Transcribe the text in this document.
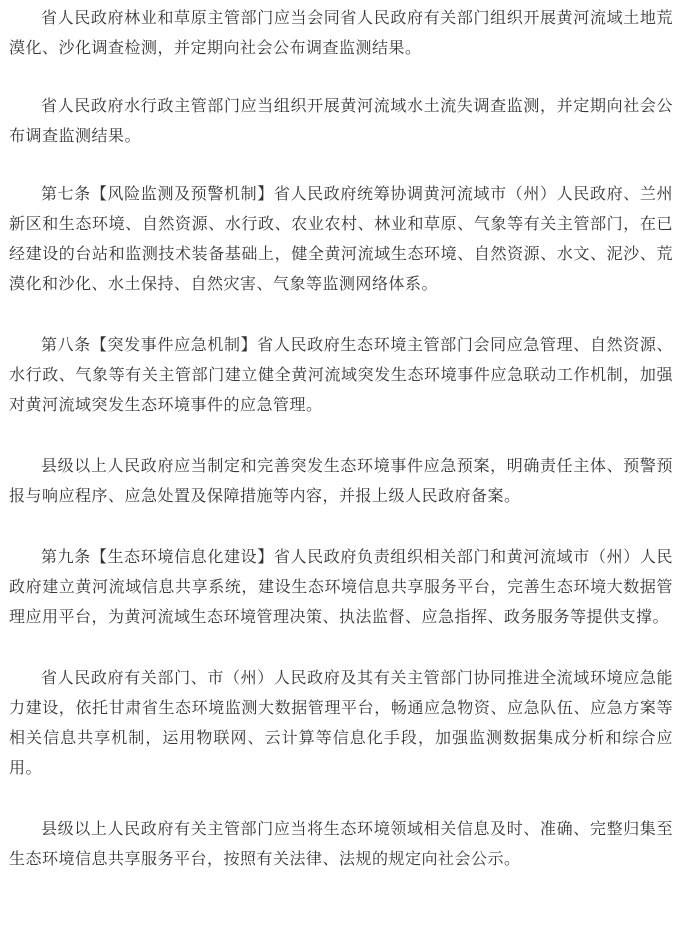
省人民政府林业和草原主管部门应当会同省人民政府有关部门组织开展黄河流域土地荒漠化、沙化调查检测，并定期向社会公布调查监测结果。

省人民政府水行政主管部门应当组织开展黄河流域水土流失调查监测，并定期向社会公布调查监测结果。

第七条【风险监测及预警机制】省人民政府统筹协调黄河流域市（州）人民政府、兰州新区和生态环境、自然资源、水行政、农业农村、林业和草原、气象等有关主管部门，在已经建设的台站和监测技术装备基础上，健全黄河流域生态环境、自然资源、水文、泥沙、荒漠化和沙化、水土保持、自然灾害、气象等监测网络体系。

第八条【突发事件应急机制】省人民政府生态环境主管部门会同应急管理、自然资源、水行政、气象等有关主管部门建立健全黄河流域突发生态环境事件应急联动工作机制，加强对黄河流域突发生态环境事件的应急管理。

县级以上人民政府应当制定和完善突发生态环境事件应急预案，明确责任主体、预警预报与响应程序、应急处置及保障措施等内容，并报上级人民政府备案。

第九条【生态环境信息化建设】省人民政府负责组织相关部门和黄河流域市（州）人民政府建立黄河流域信息共享系统，建设生态环境信息共享服务平台，完善生态环境大数据管理应用平台，为黄河流域生态环境管理决策、执法监督、应急指挥、政务服务等提供支撑。

省人民政府有关部门、市（州）人民政府及其有关主管部门协同推进全流域环境应急能力建设，依托甘肃省生态环境监测大数据管理平台，畅通应急物资、应急队伍、应急方案等相关信息共享机制，运用物联网、云计算等信息化手段，加强监测数据集成分析和综合应用。

县级以上人民政府有关主管部门应当将生态环境领域相关信息及时、准确、完整归集至生态环境信息共享服务平台，按照有关法律、法规的规定向社会公示。
